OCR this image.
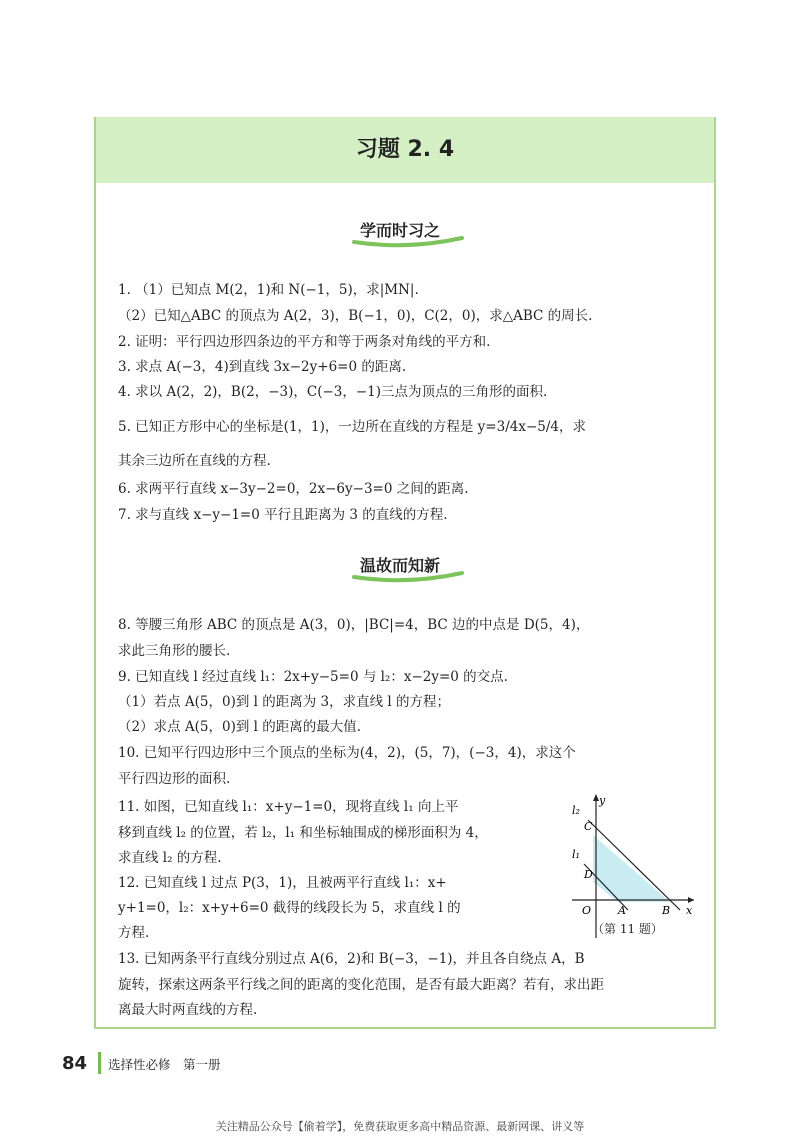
习题 2. 4
学而时习之
1. （1）已知点 M(2，1)和 N(−1，5)，求|MN|.
（2）已知△ABC 的顶点为 A(2，3)，B(−1，0)，C(2，0)，求△ABC 的周长.
2. 证明：平行四边形四条边的平方和等于两条对角线的平方和.
3. 求点 A(−3，4)到直线 3x−2y+6=0 的距离.
4. 求以 A(2，2)，B(2，−3)，C(−3，−1)三点为顶点的三角形的面积.
5. 已知正方形中心的坐标是(1，1)，一边所在直线的方程是 y=3/4x−5/4，求
其余三边所在直线的方程.
6. 求两平行直线 x−3y−2=0，2x−6y−3=0 之间的距离.
7. 求与直线 x−y−1=0 平行且距离为 3 的直线的方程.
温故而知新
8. 等腰三角形 ABC 的顶点是 A(3，0)，|BC|=4，BC 边的中点是 D(5，4)，
求此三角形的腰长.
9. 已知直线 l 经过直线 l₁：2x+y−5=0 与 l₂：x−2y=0 的交点.
（1）若点 A(5，0)到 l 的距离为 3，求直线 l 的方程；
（2）求点 A(5，0)到 l 的距离的最大值.
10. 已知平行四边形中三个顶点的坐标为(4，2)，(5，7)，(−3，4)，求这个
平行四边形的面积.
11. 如图，已知直线 l₁：x+y−1=0，现将直线 l₁ 向上平
移到直线 l₂ 的位置，若 l₂，l₁ 和坐标轴围成的梯形面积为 4，
求直线 l₂ 的方程.
12. 已知直线 l 过点 P(3，1)，且被两平行直线 l₁：x+
y+1=0，l₂：x+y+6=0 截得的线段长为 5，求直线 l 的
方程.
13. 已知两条平行直线分别过点 A(6，2)和 B(−3，−1)，并且各自绕点 A，B
旋转，探索这两条平行线之间的距离的变化范围，是否有最大距离？若有，求出距
离最大时两直线的方程.
l₂
y
C
l₁
D
O A	B x
（第 11 题）
84 选择性必修　第一册
关注精品公众号【偷着学】，免费获取更多高中精品资源、最新网课、讲义等
